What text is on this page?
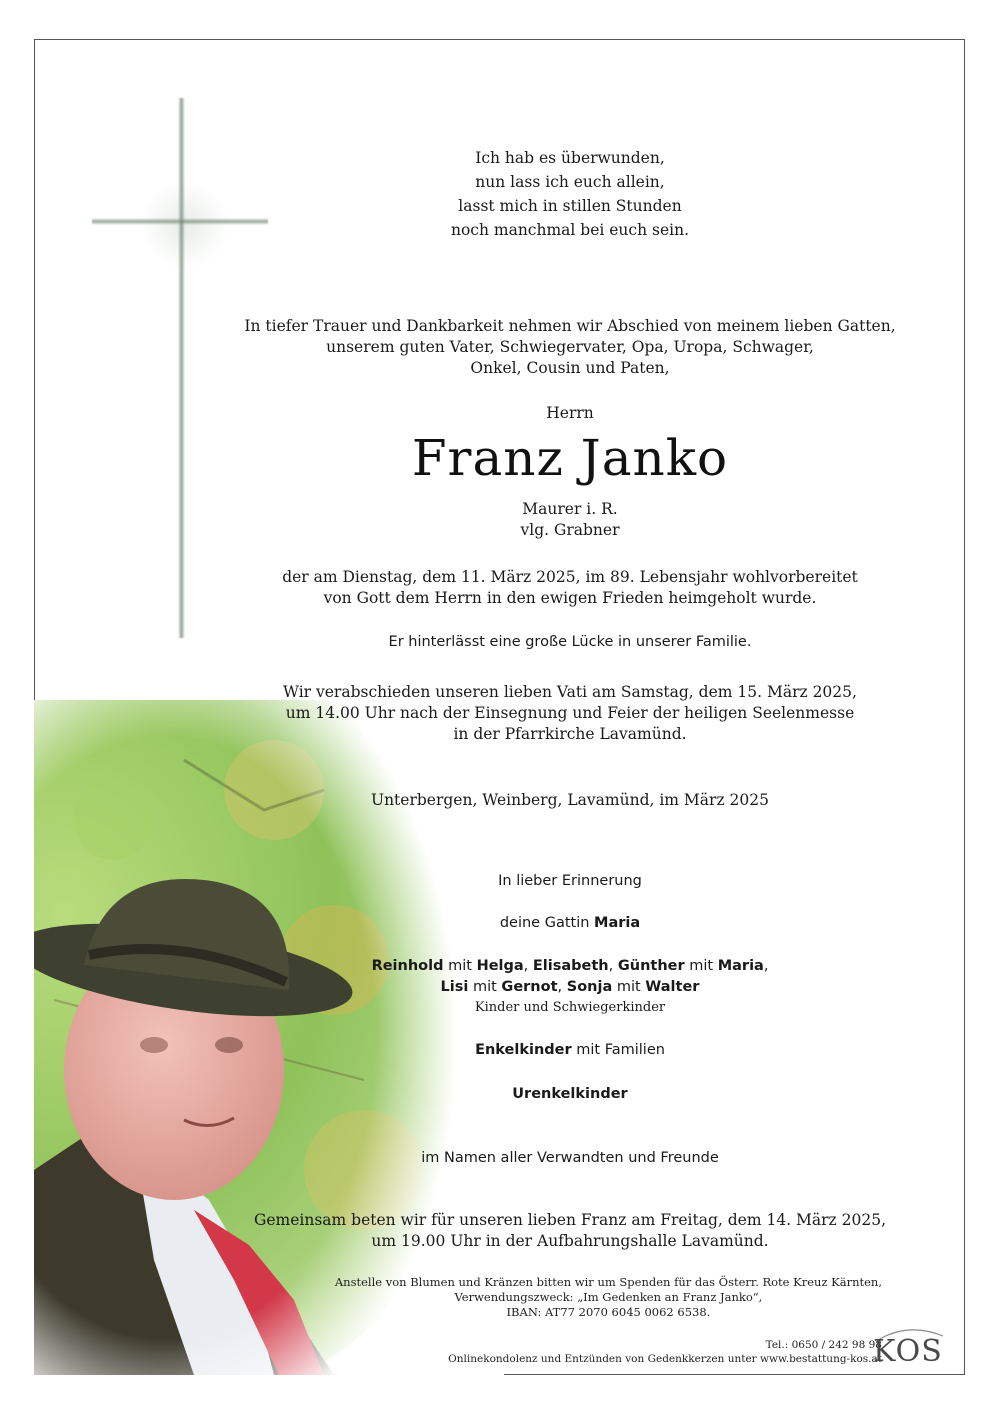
Ich hab es überwunden,

nun lass ich euch allein,

lasst mich in stillen Stunden

noch manchmal bei euch sein.

In tiefer Trauer und Dankbarkeit nehmen wir Abschied von meinem lieben Gatten,

unserem guten Vater, Schwiegervater, Opa, Uropa, Schwager,

Onkel, Cousin und Paten,

Herrn

Franz Janko

Maurer i. R.

vlg. Grabner

der am Dienstag, dem 11. März 2025, im 89. Lebensjahr wohlvorbereitet

von Gott dem Herrn in den ewigen Frieden heimgeholt wurde.

Er hinterlässt eine große Lücke in unserer Familie.

Wir verabschieden unseren lieben Vati am Samstag, dem 15. März 2025,

um 14.00 Uhr nach der Einsegnung und Feier der heiligen Seelenmesse

in der Pfarrkirche Lavamünd.

Unterbergen, Weinberg, Lavamünd, im März 2025

In lieber Erinnerung

deine Gattin Maria

Reinhold mit Helga, Elisabeth, Günther mit Maria,

Lisi mit Gernot, Sonja mit Walter

Kinder und Schwiegerkinder

Enkelkinder mit Familien

Urenkelkinder

im Namen aller Verwandten und Freunde

Gemeinsam beten wir für unseren lieben Franz am Freitag, dem 14. März 2025,

um 19.00 Uhr in der Aufbahrungshalle Lavamünd.

Anstelle von Blumen und Kränzen bitten wir um Spenden für das Österr. Rote Kreuz Kärnten,
Verwendungszweck: „Im Gedenken an Franz Janko“,
IBAN: AT77 2070 6045 0062 6538.
Tel.: 0650 / 242 98 98
Onlinekondolenz und Entzünden von Gedenkkerzen unter www.bestattung-kos.at
KOS
